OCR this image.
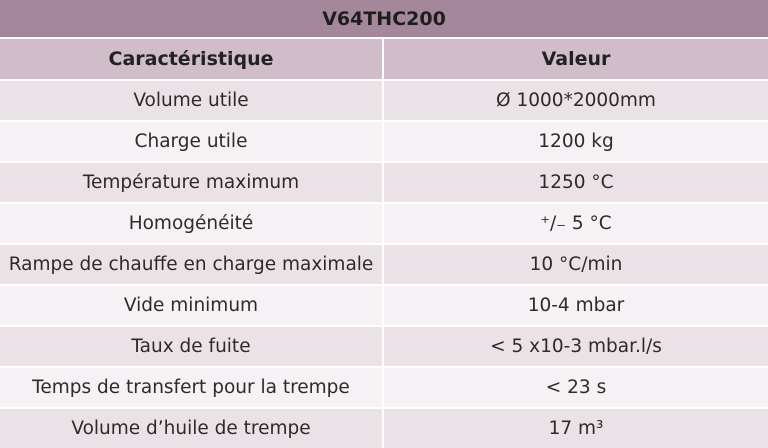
V64THC200	
Caractéristique	Valeur
Volume utile	Ø 1000*2000mm
Charge utile	1200 kg
Température maximum	1250 °C
Homogénéité	⁺/₋ 5 °C
Rampe de chauffe en charge maximale	10 °C/min
Vide minimum	10-4 mbar
Taux de fuite	< 5 x10-3 mbar.l/s
Temps de transfert pour la trempe	< 23 s
Volume d’huile de trempe	17 m³
